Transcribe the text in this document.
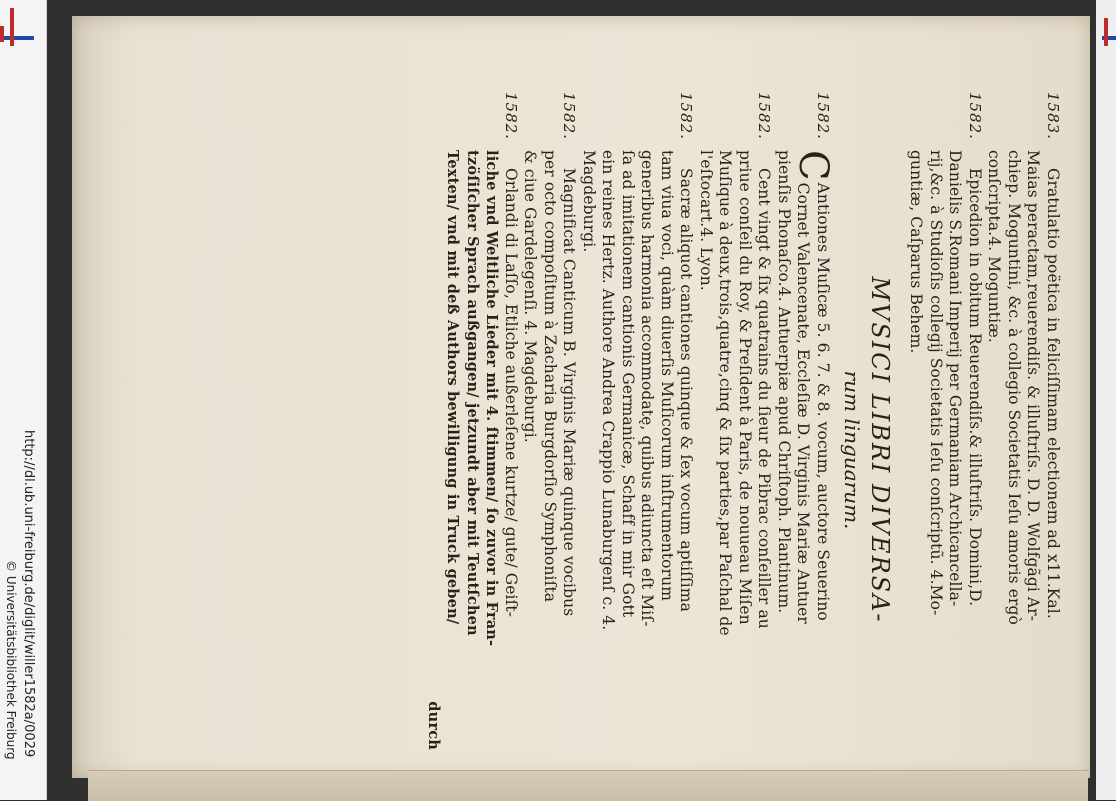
http://dl.ub.uni-freiburg.de/diglit/willer1582a/0029
© Universitätsbibliothek Freiburg
1583.
Gratulatio poëtica in feliciſſimam electionem ad x11.Kal.
Maias peractam,reuerendiſs. & illuſtriſs. D. D. Wolfgãgi Ar-
chiep. Moguntini, &c. à collegio Societatis Ieſu amoris ergò
conſcripta.4. Moguntiæ.
1582.
Epicedion in obitum Reuerendiſs.& illuſtriſs. Domini,D.
Danielis S.Romani Imperij per Germaniam Archicancella-
rij,&c. à Studioſis collegij Societatis Ieſu conſcriptũ. 4.Mo-
guntiæ, Caſparus Behem.
MVSICI LIBRI DIVERSA-
rum linguarum.
1582.
C
Antiones Muſicæ 5. 6. 7. & 8. vocum, auctore Seuerino
Cornet Valencenate, Eccleſiæ D. Virginis Mariæ Antuer
pienſis Phonaſco.4. Antuerpiæ apud Chriſtoph. Plantinum.
1582.
Cent vingt & ſix quatrains du ſieur de Pibrac conſeiller au
priue conſeil du Roy, & Preſident à Paris, de nouueau Miſen
Muſique à deux,trois,quatre,cinq & ſix parties,par Paſchal de
l'eſtocart.4. Lyon.
1582.
Sacræ aliquot cantiones quinque & ſex vocum aptiſſima
tam viua voci, quàm diuerſis Muſicorum inſtrumentorum
generibus harmonia accommodatę, quibus adiuncta eſt Miſ-
ſa ad imitationem cantionis Germanicæ, Schaff in mir Gott
ein reines Hertz. Authore Andrea Crappio Lunaburgenſ c. 4.
Magdeburgi.
1582.
Magnificat Canticum B. Virginis Mariæ quinque vocibus
per octo compoſitum à Zacharia Burgdorſio Symphoniſta
& ciue Gardelegenſi. 4. Magdeburgi.
1582.
Orlandi di Laſſo, Etliche außerleſene kurtze/ gute/ Geiſt-
liche vnd Weltliche Lieder mit 4. ſtimmen/ ſo zuvor in Fran-
tzöſiſcher Sprach außgangen/ jetzundt aber mit Teutſchen
Texten/ vnd mit deß Authors bewilligung in Truck geben/
durch
